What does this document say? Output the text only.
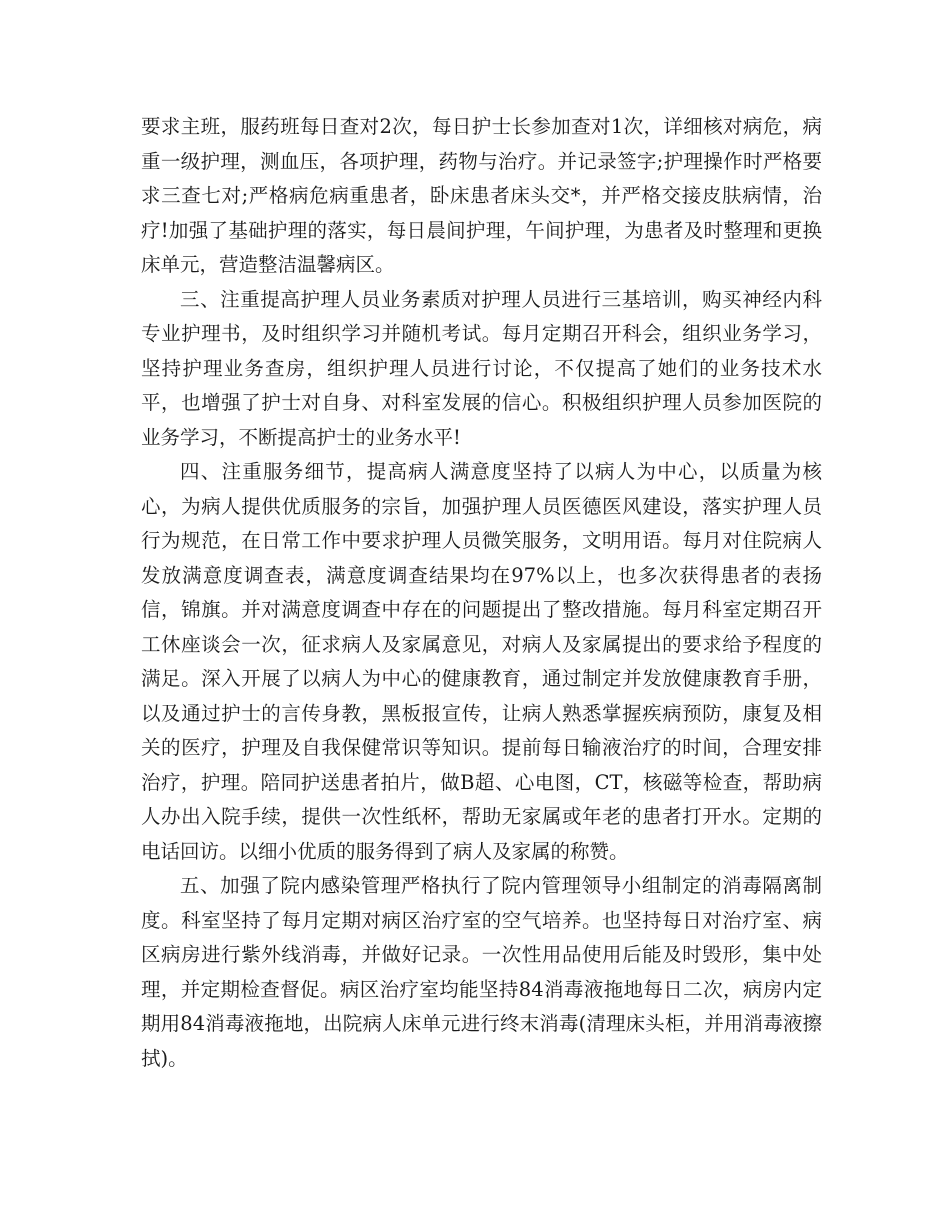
要求主班，服药班每日查对2次，每日护士长参加查对1次，详细核对病危，病重一级护理，测血压，各项护理，药物与治疗。并记录签字;护理操作时严格要求三查七对;严格病危病重患者，卧床患者床头交*，并严格交接皮肤病情，治疗!加强了基础护理的落实，每日晨间护理，午间护理，为患者及时整理和更换床单元，营造整洁温馨病区。

三、注重提高护理人员业务素质对护理人员进行三基培训，购买神经内科专业护理书，及时组织学习并随机考试。每月定期召开科会，组织业务学习，坚持护理业务查房，组织护理人员进行讨论，不仅提高了她们的业务技术水平，也增强了护士对自身、对科室发展的信心。积极组织护理人员参加医院的业务学习，不断提高护士的业务水平!

四、注重服务细节，提高病人满意度坚持了以病人为中心，以质量为核心，为病人提供优质服务的宗旨，加强护理人员医德医风建设，落实护理人员行为规范，在日常工作中要求护理人员微笑服务，文明用语。每月对住院病人发放满意度调查表，满意度调查结果均在97%以上，也多次获得患者的表扬信，锦旗。并对满意度调查中存在的问题提出了整改措施。每月科室定期召开工休座谈会一次，征求病人及家属意见，对病人及家属提出的要求给予程度的满足。深入开展了以病人为中心的健康教育，通过制定并发放健康教育手册，以及通过护士的言传身教，黑板报宣传，让病人熟悉掌握疾病预防，康复及相关的医疗，护理及自我保健常识等知识。提前每日输液治疗的时间，合理安排治疗，护理。陪同护送患者拍片，做B超、心电图，CT，核磁等检查，帮助病人办出入院手续，提供一次性纸杯，帮助无家属或年老的患者打开水。定期的电话回访。以细小优质的服务得到了病人及家属的称赞。

五、加强了院内感染管理严格执行了院内管理领导小组制定的消毒隔离制度。科室坚持了每月定期对病区治疗室的空气培养。也坚持每日对治疗室、病区病房进行紫外线消毒，并做好记录。一次性用品使用后能及时毁形，集中处理，并定期检查督促。病区治疗室均能坚持84消毒液拖地每日二次，病房内定期用84消毒液拖地，出院病人床单元进行终末消毒(清理床头柜，并用消毒液擦拭)。
